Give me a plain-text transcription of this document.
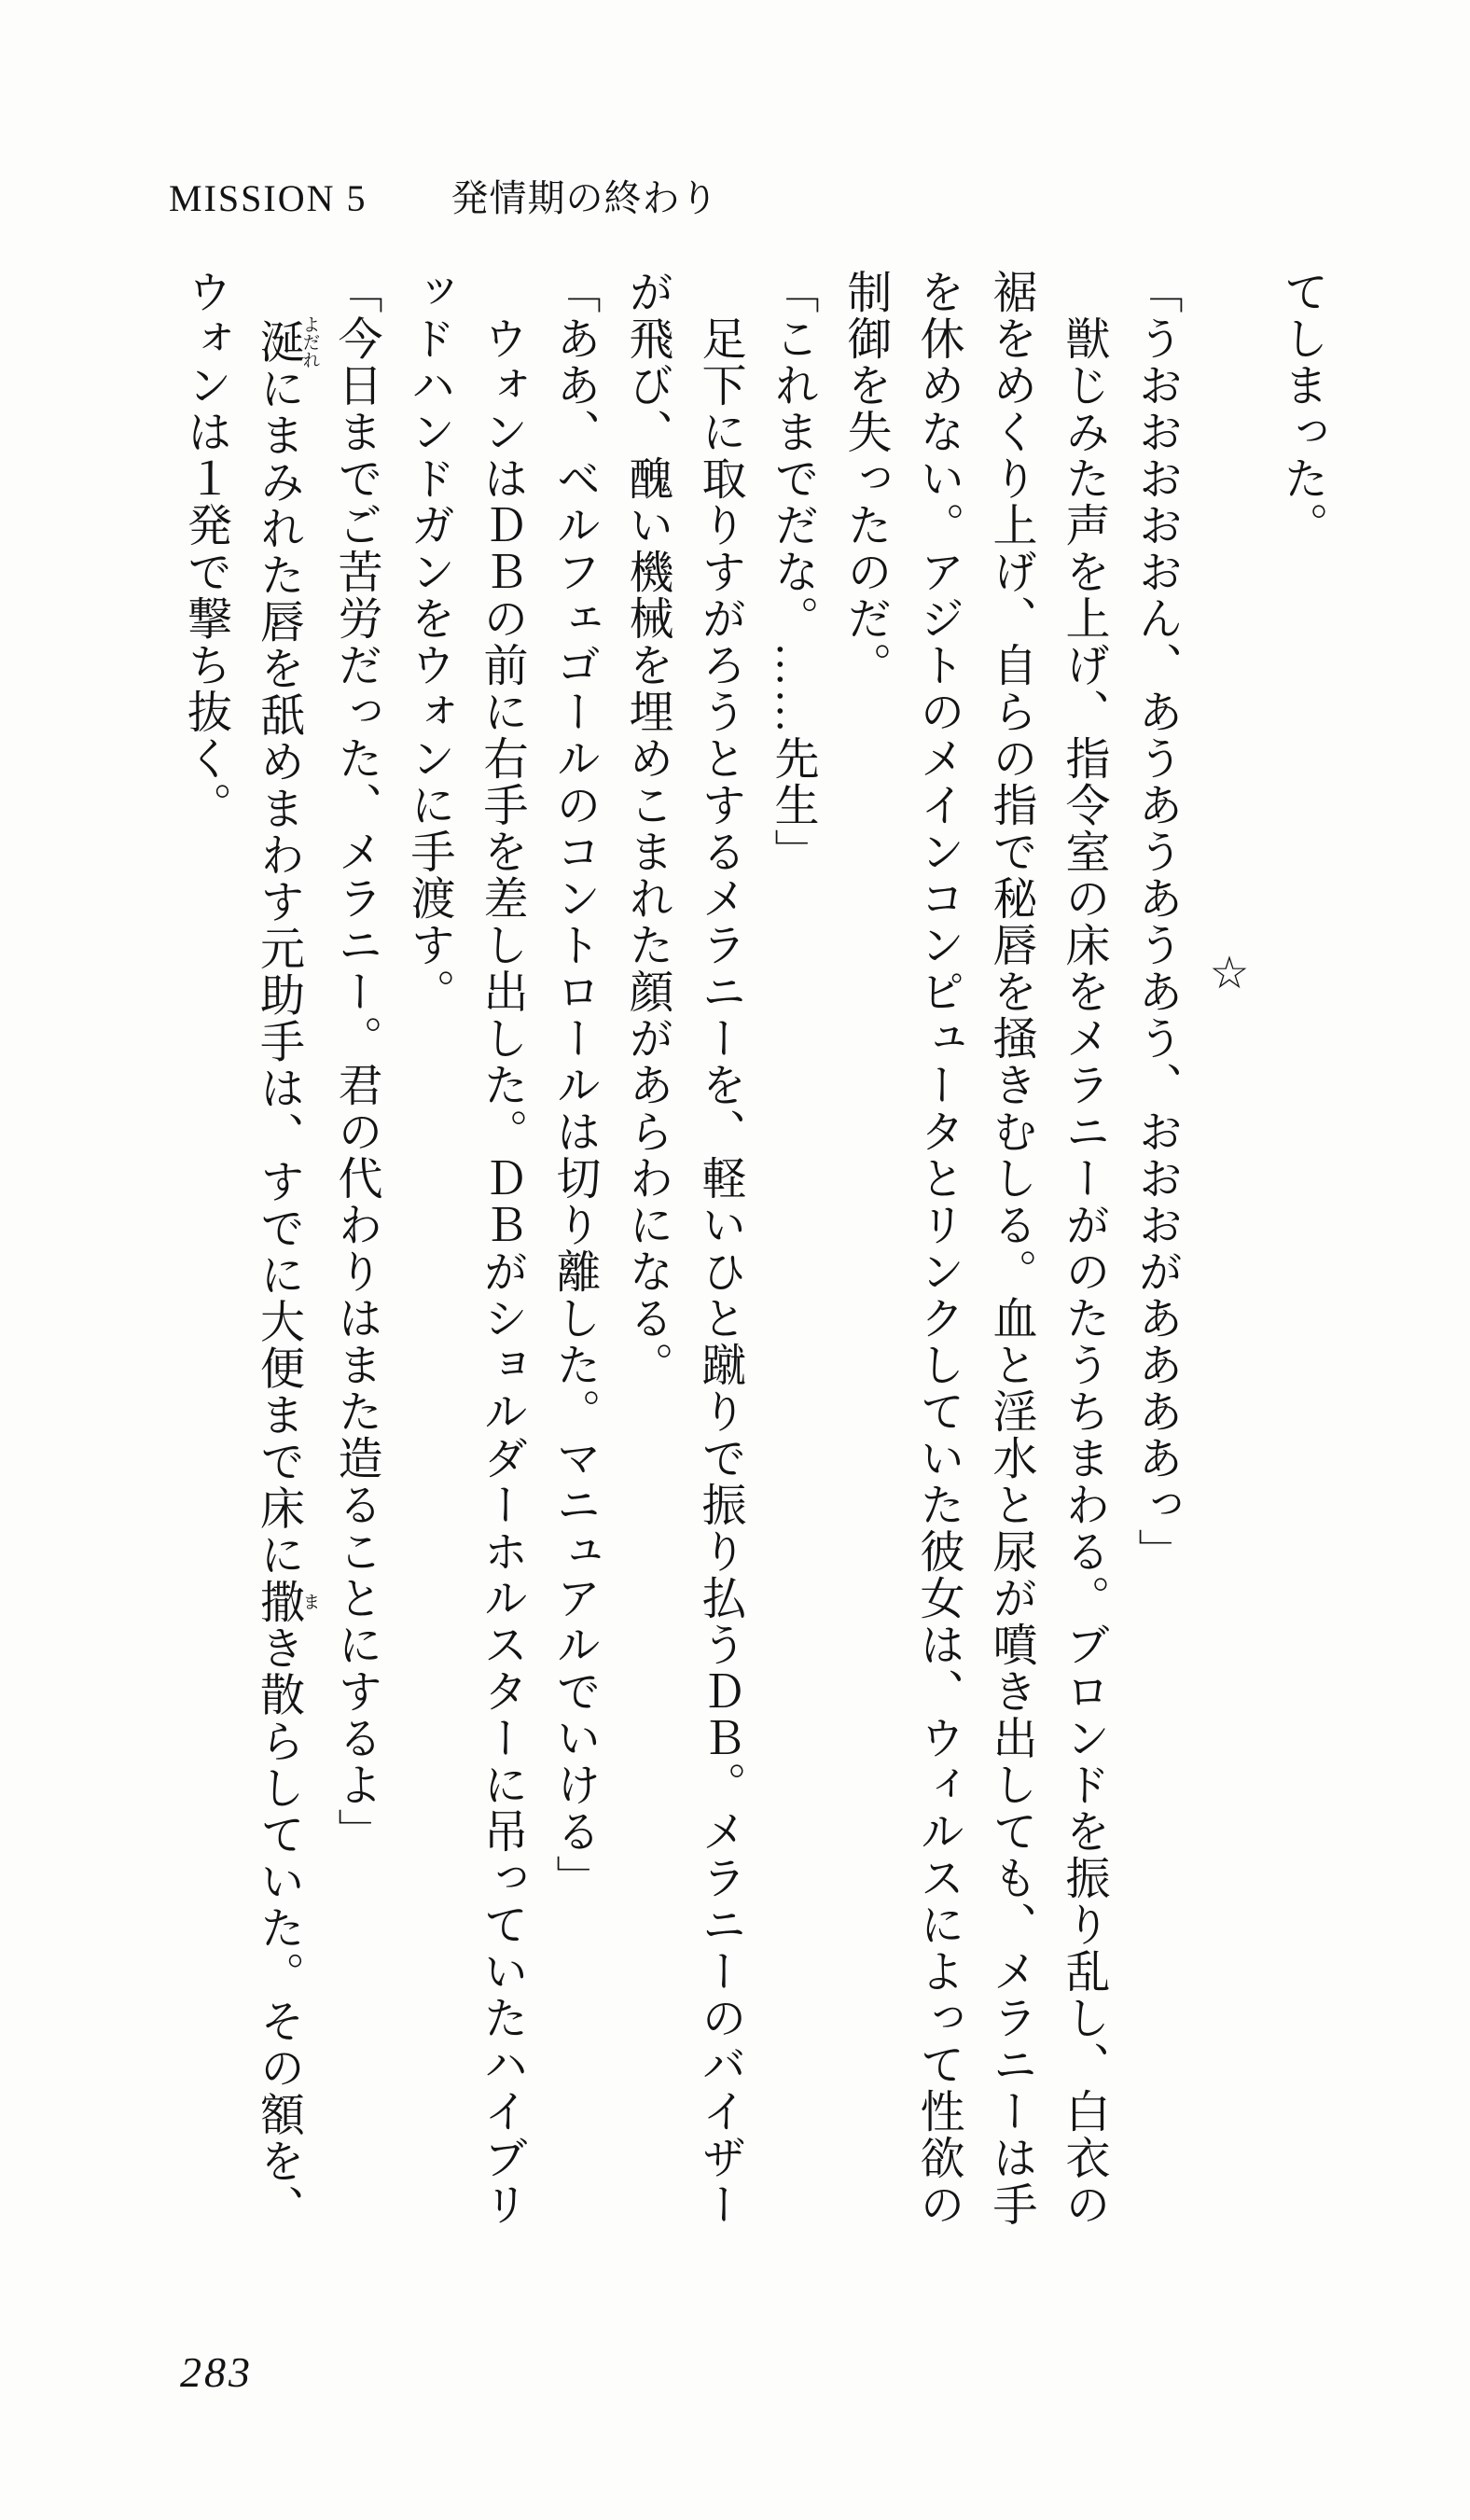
MISSION 5 発情期の終わり

てしまった。

☆

「うおおおおおん、あうあうあうあう、おおおがああああっ」

獣じみた声を上げ、指令室の床をメラニーがのたうちまわる。ブロンドを振り乱し、白衣の

裾をめくり上げ、自らの指で秘唇を掻きむしる。血と淫水と尿が噴き出しても、メラニーは手

を休めない。アジトのメインコンピュータとリンクしていた彼女は、ウィルスによって性欲の

制御を失ったのだ。

「これまでだな。……先生」

足下に取りすがろうとするメラニーを、軽いひと蹴りで振り払うＤＢ。メラニーのバイザー

が飛び、醜い機械を埋めこまれた顔があらわになる。

「ああ、ベルフェゴールのコントロールは切り離した。マニュアルでいける」

ウォンはＤＢの前に右手を差し出した。ＤＢがショルダーホルスターに吊っていたハイブリ

ッドハンドガンをウォンに手渡す。

「今日までご苦労だった、メラニー。君の代わりはまた造ることにするよ」

涎よだれにまみれた唇を舐めまわす元助手は、すでに大便まで床に撒まき散らしていた。その額を、

ウォンは１発で撃ち抜く。

283
